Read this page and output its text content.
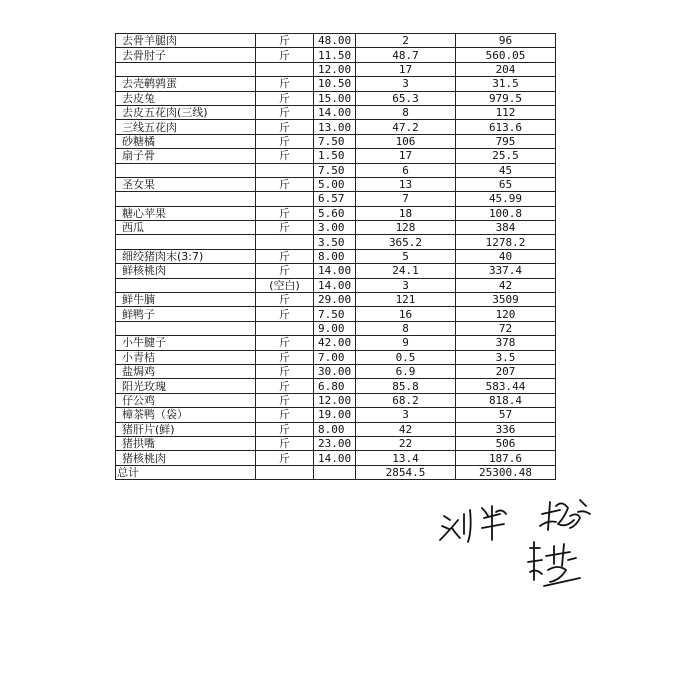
去骨羊腿肉	斤	48.00	2	96
去骨肘子	斤	11.50	48.7	560.05
		12.00	17	204
去壳鹌鹑蛋	斤	10.50	3	31.5
去皮兔	斤	15.00	65.3	979.5
去皮五花肉(三线)	斤	14.00	8	112
三线五花肉	斤	13.00	47.2	613.6
砂糖橘	斤	7.50	106	795
扇子骨	斤	1.50	17	25.5
		7.50	6	45
圣女果	斤	5.00	13	65
		6.57	7	45.99
糖心苹果	斤	5.60	18	100.8
西瓜	斤	3.00	128	384
		3.50	365.2	1278.2
细绞猪肉末(3:7)	斤	8.00	5	40
鲜核桃肉	斤	14.00	24.1	337.4
	(空白)	14.00	3	42
鲜牛腩	斤	29.00	121	3509
鲜鸭子	斤	7.50	16	120
		9.00	8	72
小牛腱子	斤	42.00	9	378
小青桔	斤	7.00	0.5	3.5
盐焗鸡	斤	30.00	6.9	207
阳光玫瑰	斤	6.80	85.8	583.44
仔公鸡	斤	12.00	68.2	818.4
樟茶鸭（袋）	斤	19.00	3	57
猪肝片(鲜)	斤	8.00	42	336
猪拱嘴	斤	23.00	22	506
猪核桃肉	斤	14.00	13.4	187.6
总计			2854.5	25300.48
